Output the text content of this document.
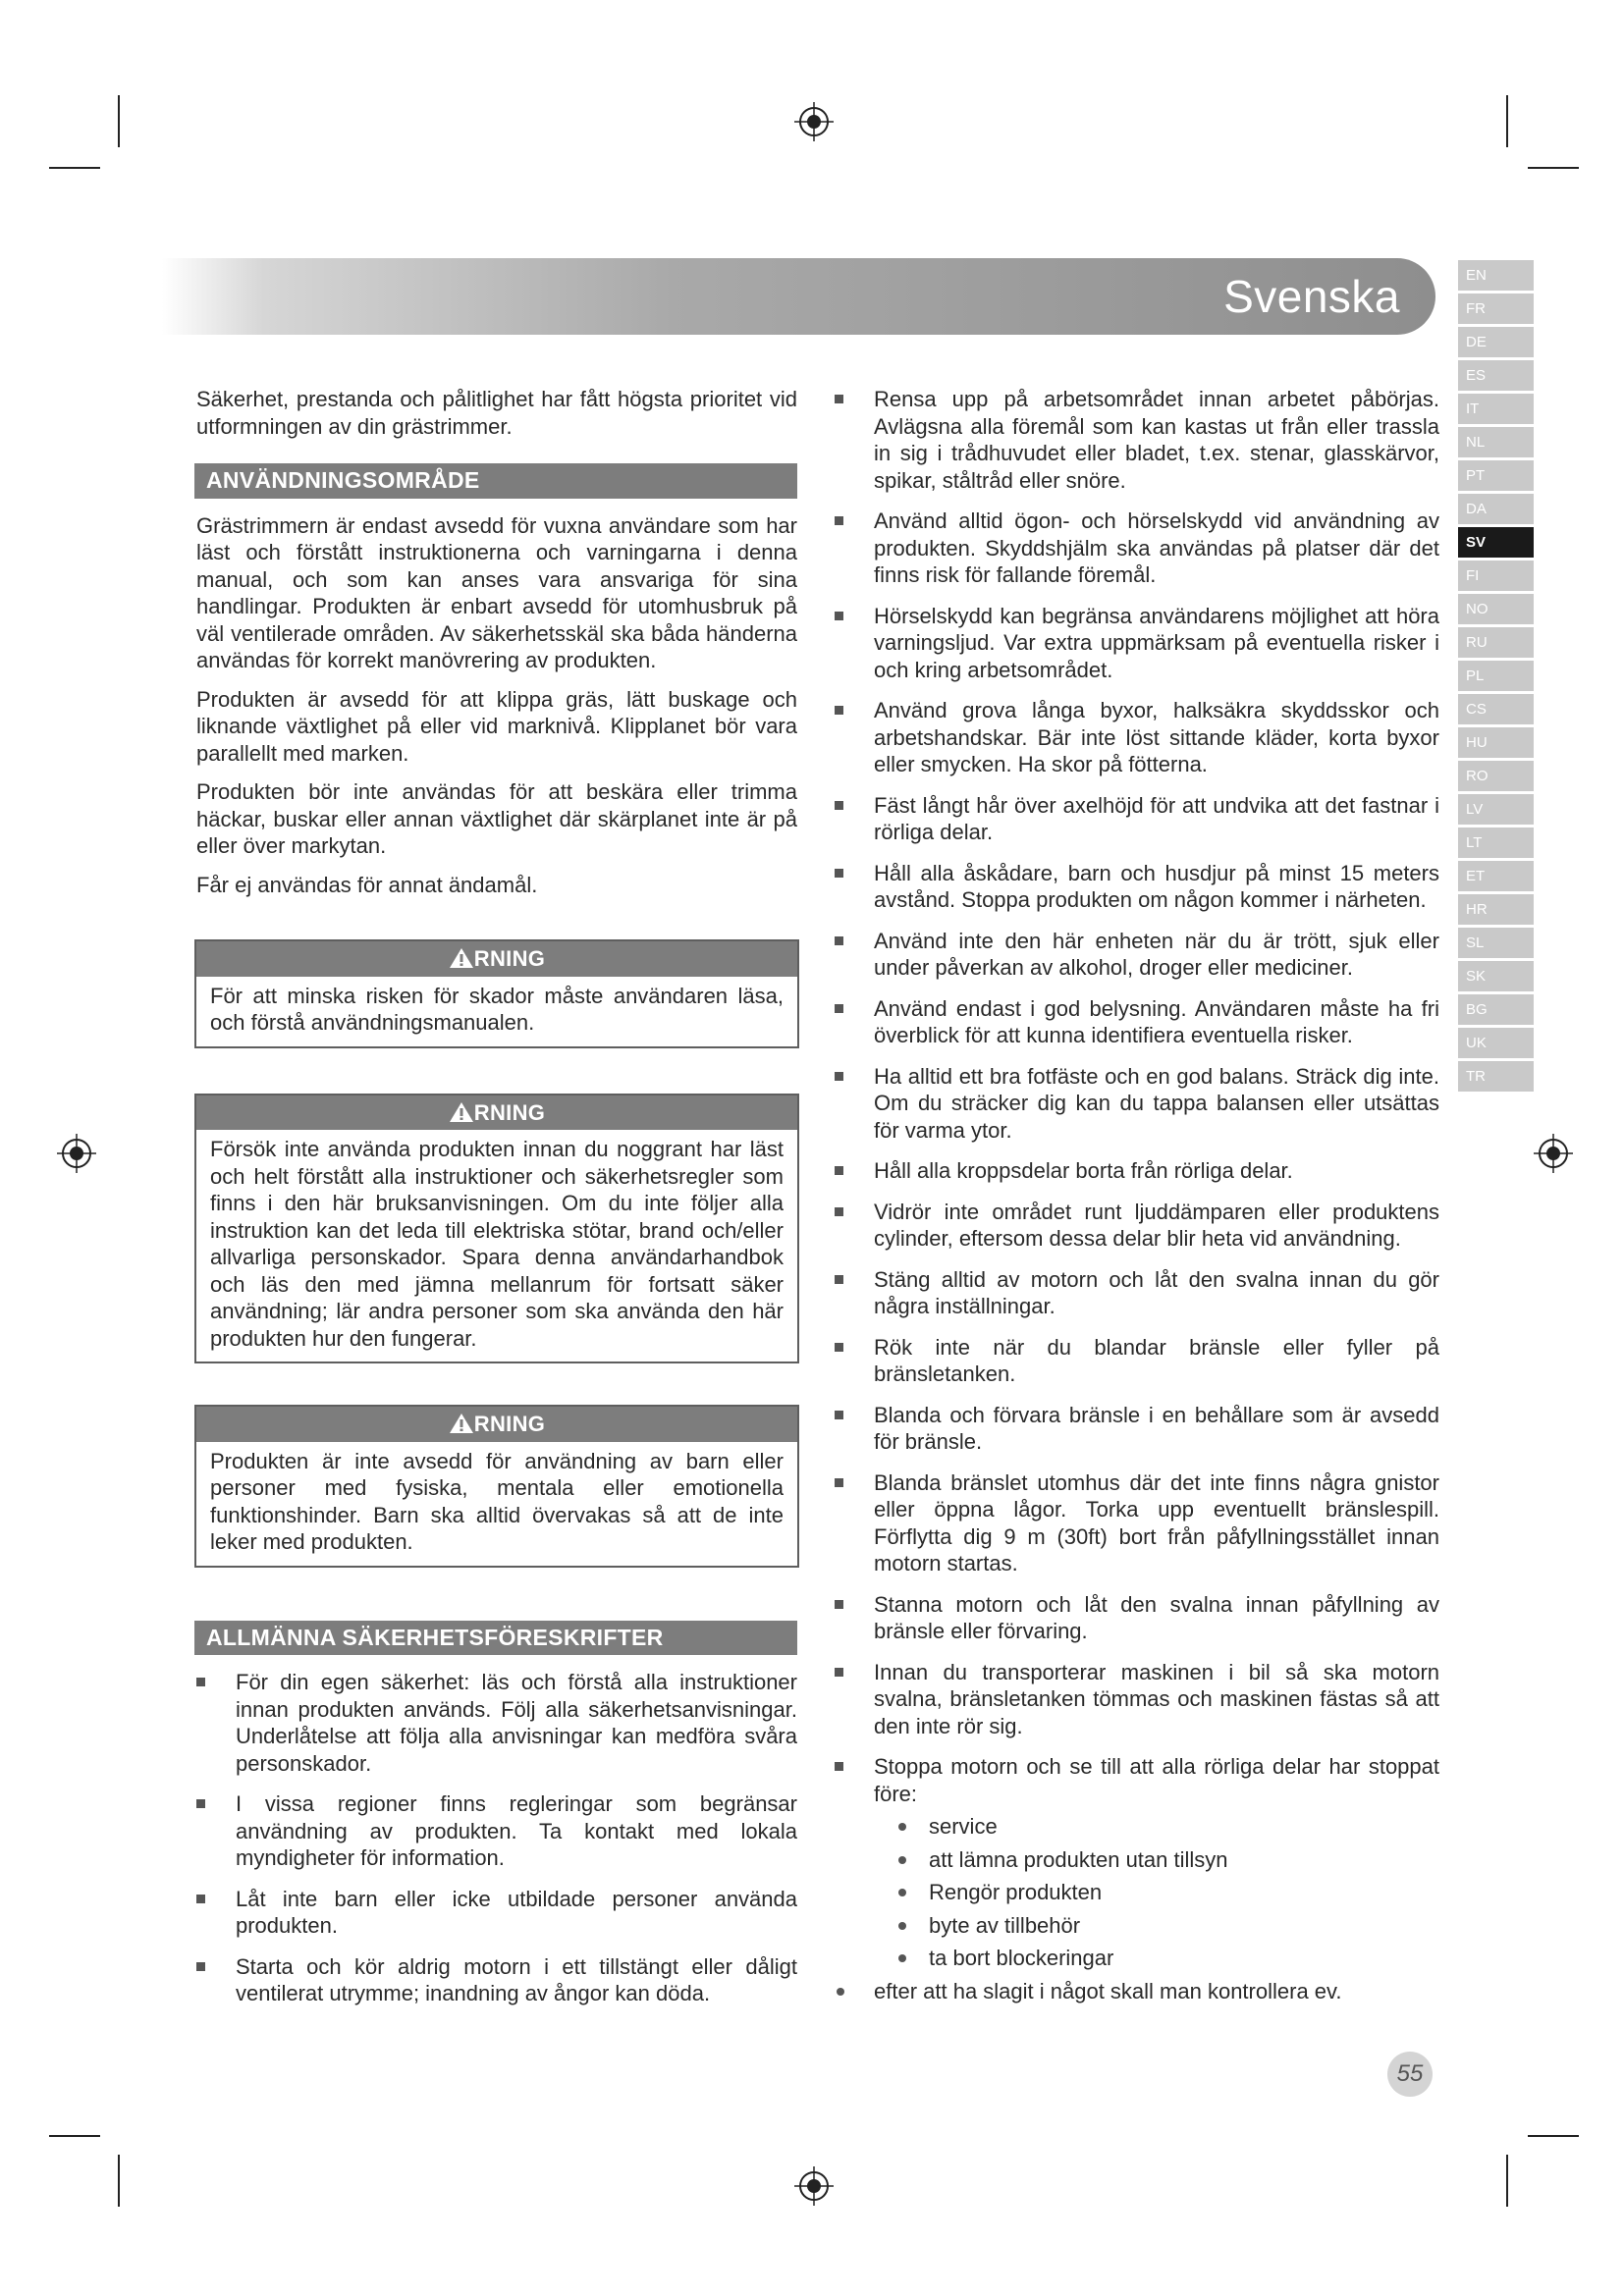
Svenska	EN
FR
DE
ES
IT
NL
PT
DA
SV
FI
NO
RU
PL
CS
HU
RO
LV
LT
ET
HR
SL
SK
BG
UK
TR

Säkerhet, prestanda och pålitlighet har fått högsta prioritet vid utformningen av din grästrimmer.

ANVÄNDNINGSOMRÅDE

Grästrimmern är endast avsedd för vuxna användare som har läst och förstått instruktionerna och varningarna i denna manual, och som kan anses vara ansvariga för sina handlingar. Produkten är enbart avsedd för utomhusbruk på väl ventilerade områden. Av säkerhetsskäl ska båda händerna användas för korrekt manövrering av produkten.

Produkten är avsedd för att klippa gräs, lätt buskage och liknande växtlighet på eller vid marknivå. Klipplanet bör vara parallellt med marken.

Produkten bör inte användas för att beskära eller trimma häckar, buskar eller annan växtlighet där skärplanet inte är på eller över markytan.

Får ej användas för annat ändamål.

RNING
För att minska risken för skador måste användaren läsa, och förstå användningsmanualen.
RNING
Försök inte använda produkten innan du noggrant har läst och helt förstått alla instruktioner och säkerhetsregler som finns i den här bruksanvisningen. Om du inte följer alla instruktion kan det leda till elektriska stötar, brand och/eller allvarliga personskador. Spara denna användarhandbok och läs den med jämna mellanrum för fortsatt säker användning; lär andra personer som ska använda den här produkten hur den fungerar.
RNING
Produkten är inte avsedd för användning av barn eller personer med fysiska, mentala eller emotionella funktionshinder. Barn ska alltid övervakas så att de inte leker med produkten.
ALLMÄNNA SÄKERHETSFÖRESKRIFTER
För din egen säkerhet: läs och förstå alla instruktioner innan produkten används. Följ alla säkerhetsanvisningar. Underlåtelse att följa alla anvisningar kan medföra svåra personskador.
I vissa regioner finns regleringar som begränsar användning av produkten. Ta kontakt med lokala myndigheter för information.
Låt inte barn eller icke utbildade personer använda produkten.
Starta och kör aldrig motorn i ett tillstängt eller dåligt ventilerat utrymme; inandning av ångor kan döda.
Rensa upp på arbetsområdet innan arbetet påbörjas. Avlägsna alla föremål som kan kastas ut från eller trassla in sig i trådhuvudet eller bladet, t.ex. stenar, glasskärvor, spikar, ståltråd eller snöre.
Använd alltid ögon- och hörselskydd vid användning av produkten. Skyddshjälm ska användas på platser där det finns risk för fallande föremål.
Hörselskydd kan begränsa användarens möjlighet att höra varningsljud. Var extra uppmärksam på eventuella risker i och kring arbetsområdet.
Använd grova långa byxor, halksäkra skyddsskor och arbetshandskar. Bär inte löst sittande kläder, korta byxor eller smycken. Ha skor på fötterna.
Fäst långt hår över axelhöjd för att undvika att det fastnar i rörliga delar.
Håll alla åskådare, barn och husdjur på minst 15 meters avstånd. Stoppa produkten om någon kommer i närheten.
Använd inte den här enheten när du är trött, sjuk eller under påverkan av alkohol, droger eller mediciner.
Använd endast i god belysning. Användaren måste ha fri överblick för att kunna identifiera eventuella risker.
Ha alltid ett bra fotfäste och en god balans. Sträck dig inte. Om du sträcker dig kan du tappa balansen eller utsättas för varma ytor.
Håll alla kroppsdelar borta från rörliga delar.
Vidrör inte området runt ljuddämparen eller produktens cylinder, eftersom dessa delar blir heta vid användning.
Stäng alltid av motorn och låt den svalna innan du gör några inställningar.
Rök inte när du blandar bränsle eller fyller på bränsletanken.
Blanda och förvara bränsle i en behållare som är avsedd för bränsle.
Blanda bränslet utomhus där det inte finns några gnistor eller öppna lågor. Torka upp eventuellt bränslespill. Förflytta dig 9 m (30ft) bort från påfyllningsstället innan motorn startas.
Stanna motorn och låt den svalna innan påfyllning av bränsle eller förvaring.
Innan du transporterar maskinen i bil så ska motorn svalna, bränsletanken tömmas och maskinen fästas så att den inte rör sig.
Stoppa motorn och se till att alla rörliga delar har stoppat före:
service
att lämna produkten utan tillsyn
Rengör produkten
byte av tillbehör
ta bort blockeringar
efter att ha slagit i något skall man kontrollera ev.
55
